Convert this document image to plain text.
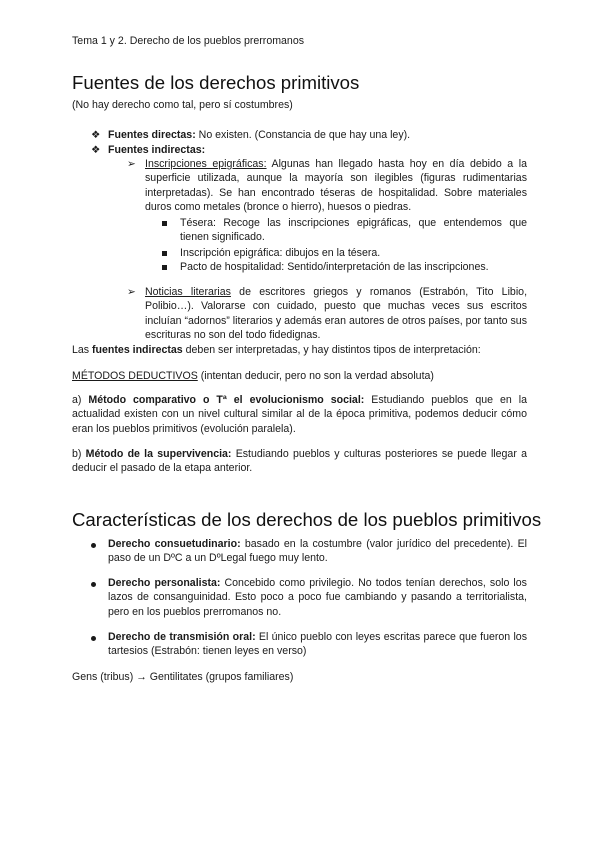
Tema 1 y 2. Derecho de los pueblos prerromanos
Fuentes de los derechos primitivos
(No hay derecho como tal, pero sí costumbres)
❖ Fuentes directas: No existen. (Constancia de que hay una ley).
❖ Fuentes indirectas:
➢ Inscripciones epigráficas: Algunas han llegado hasta hoy en día debido a la superficie utilizada, aunque la mayoría son ilegibles (figuras rudimentarias interpretadas). Se han encontrado téseras de hospitalidad. Sobre materiales duros como metales (bronce o hierro), huesos o piedras.
Tésera: Recoge las inscripciones epigráficas, que entendemos que tienen significado.
Inscripción epigráfica: dibujos en la tésera.
Pacto de hospitalidad: Sentido/interpretación de las inscripciones.
➢ Noticias literarias de escritores griegos y romanos (Estrabón, Tito Libio, Polibio…). Valorarse con cuidado, puesto que muchas veces sus escritos incluían “adornos” literarios y además eran autores de otros países, por tanto sus escrituras no son del todo fidedignas.
Las fuentes indirectas deben ser interpretadas, y hay distintos tipos de interpretación:
MÉTODOS DEDUCTIVOS (intentan deducir, pero no son la verdad absoluta)
a) Método comparativo o Tª el evolucionismo social: Estudiando pueblos que en la actualidad existen con un nivel cultural similar al de la época primitiva, podemos deducir cómo eran los pueblos primitivos (evolución paralela).
b) Método de la supervivencia: Estudiando pueblos y culturas posteriores se puede llegar a deducir el pasado de la etapa anterior.
Características de los derechos de los pueblos primitivos
Derecho consuetudinario: basado en la costumbre (valor jurídico del precedente). El paso de un DºC a un DºLegal fuego muy lento.
Derecho personalista: Concebido como privilegio. No todos tenían derechos, solo los lazos de consanguinidad. Esto poco a poco fue cambiando y pasando a territorialista, pero en los pueblos prerromanos no.
Derecho de transmisión oral: El único pueblo con leyes escritas parece que fueron los tartesios (Estrabón: tienen leyes en verso)
Gens (tribus) → Gentilitates (grupos familiares)
